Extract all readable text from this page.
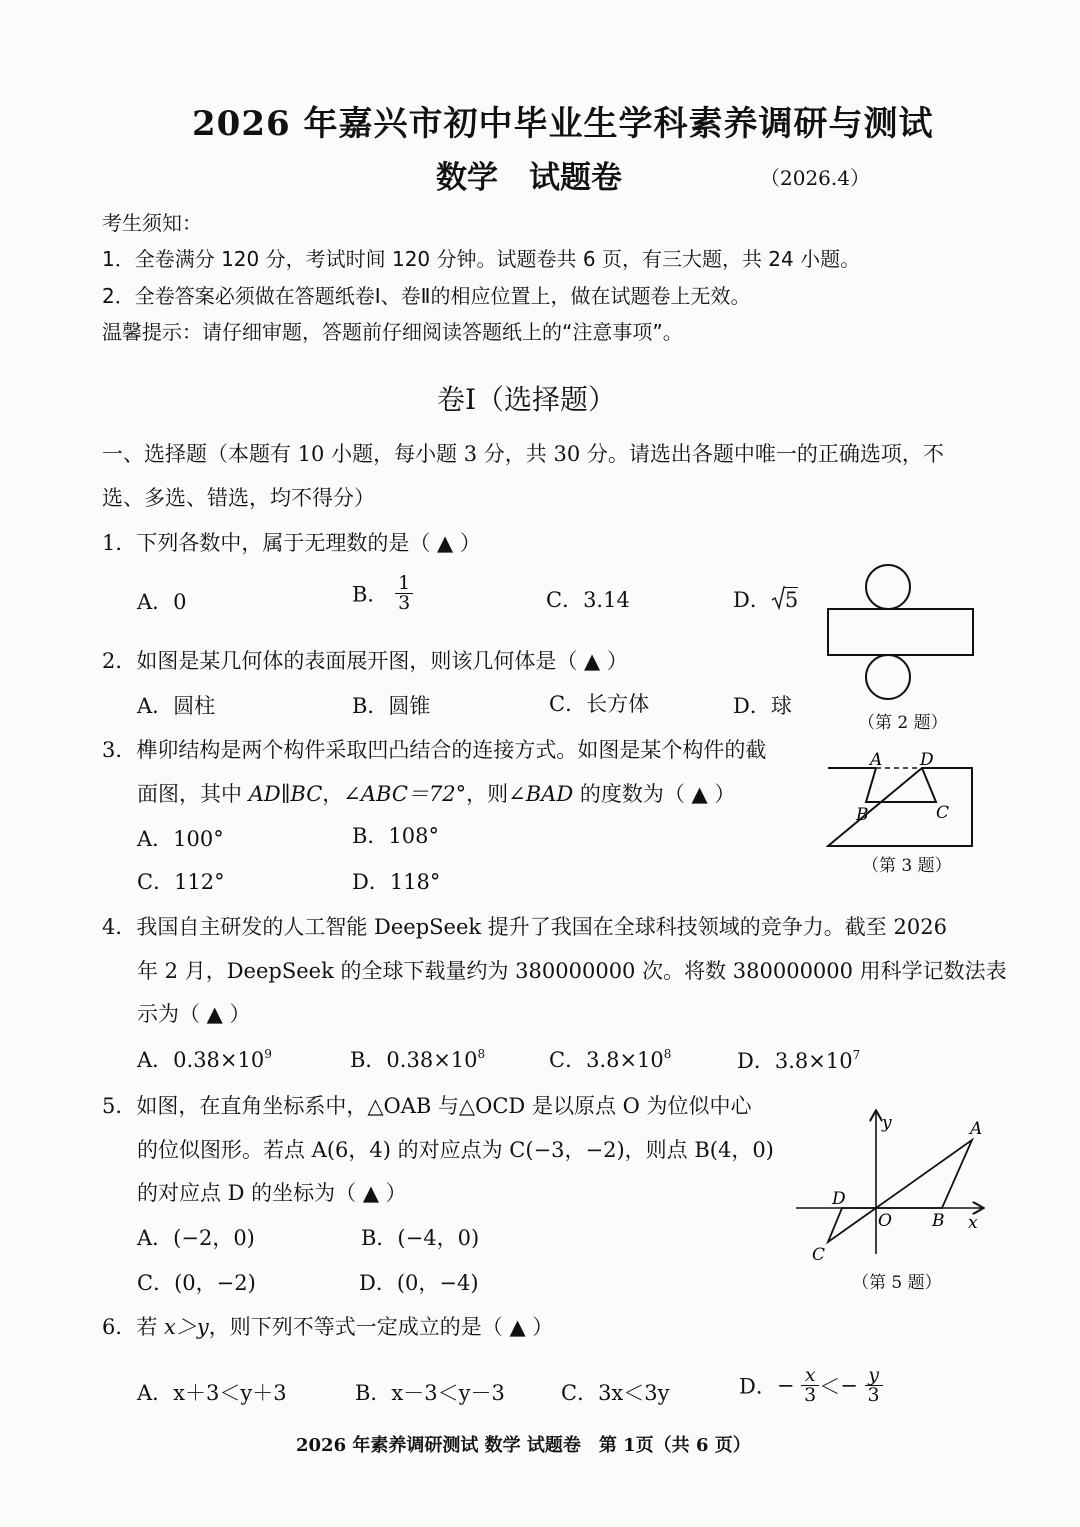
2026 年嘉兴市初中毕业生学科素养调研与测试
数学　试题卷	（2026.4）
考生须知：
1．全卷满分 120 分，考试时间 120 分钟。试题卷共 6 页，有三大题，共 24 小题。
2．全卷答案必须做在答题纸卷Ⅰ、卷Ⅱ的相应位置上，做在试题卷上无效。
温馨提示：请仔细审题，答题前仔细阅读答题纸上的“注意事项”。
卷Ⅰ（选择题）
一、选择题（本题有 10 小题，每小题 3 分，共 30 分。请选出各题中唯一的正确选项，不
选、多选、错选，均不得分）
1．下列各数中，属于无理数的是（ ▲ ）
A．0	B． $\frac{1}{3}$	C．3.14	D． 5
（第 2 题）
2．如图是某几何体的表面展开图，则该几何体是（ ▲ ）
A．圆柱	B．圆锥	C．长方体	D．球
3．榫卯结构是两个构件采取凹凸结合的连接方式。如图是某个构件的截
面图，其中 AD∥BC，∠ABC＝72°，则∠BAD 的度数为（ ▲ ）
A．100°	B．108°
C．112°	D．118°
A D
B	C
（第 3 题）
4．我国自主研发的人工智能 DeepSeek 提升了我国在全球科技领域的竞争力。截至 2026
年 2 月，DeepSeek 的全球下载量约为 380000000 次。将数 380000000 用科学记数法表
示为（ ▲ ）
A．$0.38\times 10^9$	B．$0.38\times 10^8$	C．$3.8\times 10^8$	D．$3.8\times 10^7$
5．如图，在直角坐标系中，△OAB 与△OCD 是以原点 O 为位似中心
的位似图形。若点 A(6，4) 的对应点为 C(−3，−2)，则点 B(4，0)
的对应点 D 的坐标为（ ▲ ）
A．(−2，0)	B．(−4，0)
C．(0，−2)	D．(0，−4)
y	A
D
O B x
C
（第 5 题）
6．若 x＞y，则下列不等式一定成立的是（ ▲ ）
A．x＋3＜y＋3	B．x－3＜y－3	C．3x＜3y	D．− $\frac{x}{3} <- \frac{y}{3}$
2026 年素养调研测试 数学 试题卷　第 1页（共 6 页）
